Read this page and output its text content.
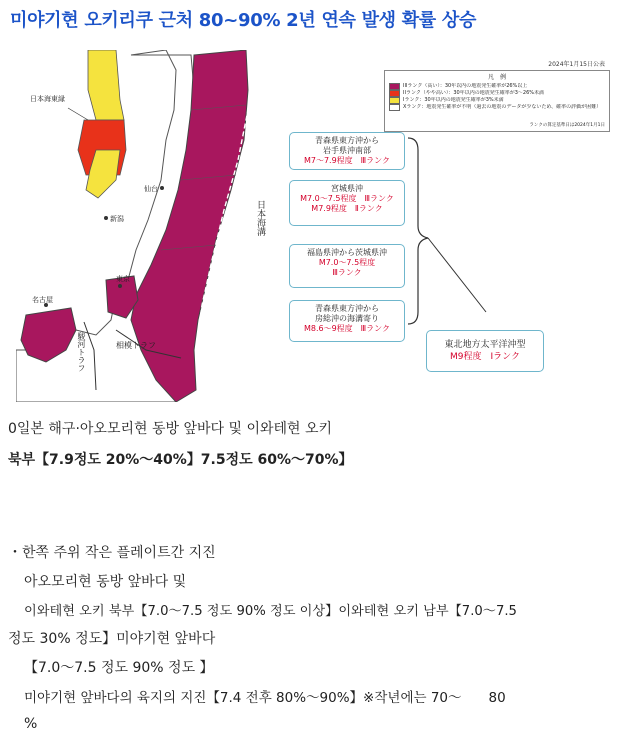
미야기현 오키리쿠 근처 80~90% 2년 연속 발생 확률 상승
日本海東縁
仙台
新潟	日本海溝
名古屋
東京
相模トラフ
駿河トラフ
2024年1月15日公表
凡　例
IIIランク（高い）：30年以内の地震発生確率が26%以上
IIランク（やや高い）：30年以内の地震発生確率が3～26%未満
Iランク：30年以内の地震発生確率が3%未満
Xランク：地震発生確率が不明（過去の地震のデータが少ないため、確率の評価が困難）
ランクの算定基準日は2024年1月1日
青森県東方沖から
岩手県沖南部
M7～7.9程度　Ⅲランク
宮城県沖
M7.0～7.5程度　Ⅲランク
M7.9程度　Ⅱランク
福島県沖から茨城県沖
M7.0～7.5程度
Ⅲランク
青森県東方沖から
房総沖の海溝寄り
M8.6～9程度　Ⅲランク
東北地方太平洋沖型
M9程度　Ⅰランク
0일본 해구·아오모리현 동방 앞바다 및 이와테현 오키
북부【7.9정도 20%～40%】7.5정도 60%～70%】
・한쪽 주위 작은 플레이트간 지진
아오모리현 동방 앞바다 및
이와테현 오키 북부【7.0～7.5 정도 90% 정도 이상】이와테현 오키 남부【7.0～7.5
정도 30% 정도】미야기현 앞바다
【7.0～7.5 정도 90% 정도 】
미야기현 앞바다의 육지의 지진【7.4 전후 80%～90%】※작년에는 70～　　80
%
